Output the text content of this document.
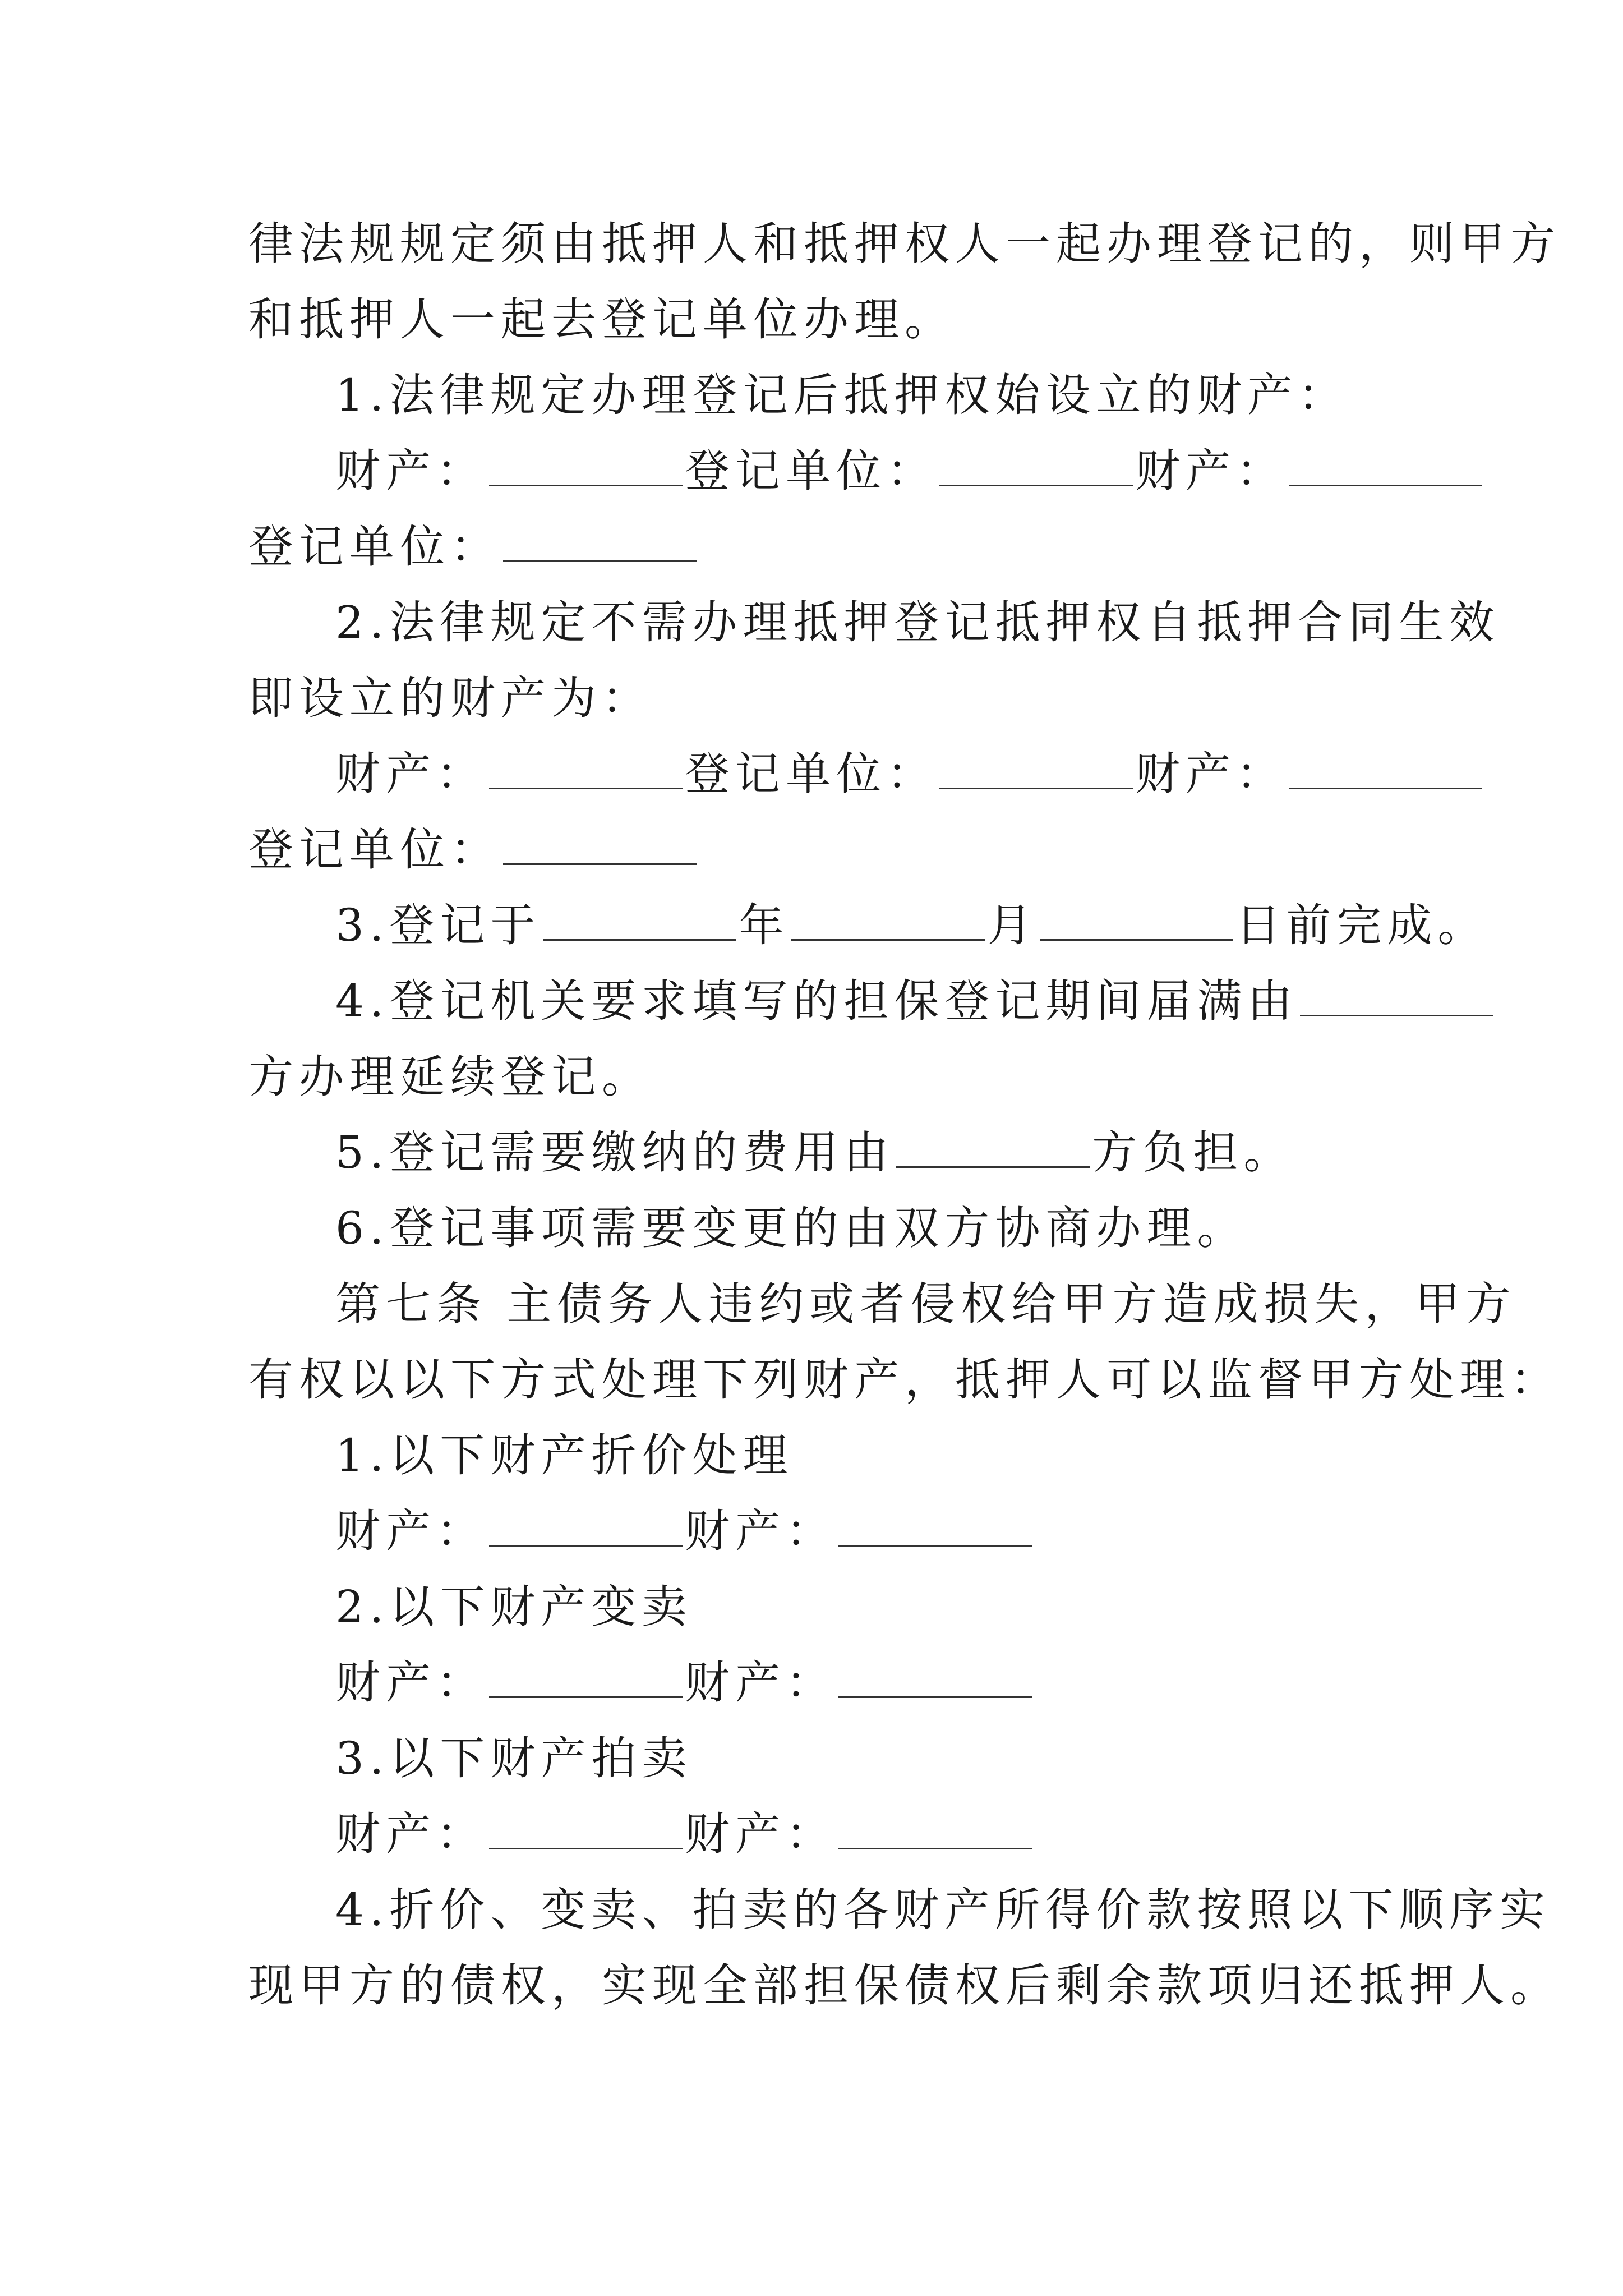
律法规规定须由抵押人和抵押权人一起办理登记的，则甲方
和抵押人一起去登记单位办理。
1.法律规定办理登记后抵押权始设立的财产：
财产：	登记单位：	财产：
登记单位：
2.法律规定不需办理抵押登记抵押权自抵押合同生效
即设立的财产为：
财产：	登记单位：	财产：
登记单位：
3.登记于	年	月	日前完成。
4.登记机关要求填写的担保登记期间届满由
方办理延续登记。
5.登记需要缴纳的费用由	方负担。
6.登记事项需要变更的由双方协商办理。
第七条 主债务人违约或者侵权给甲方造成损失，甲方
有权以以下方式处理下列财产，抵押人可以监督甲方处理：
1.以下财产折价处理
财产：	财产：
2.以下财产变卖
财产：	财产：
3.以下财产拍卖
财产：	财产：
4.折价、变卖、拍卖的各财产所得价款按照以下顺序实
现甲方的债权，实现全部担保债权后剩余款项归还抵押人。
